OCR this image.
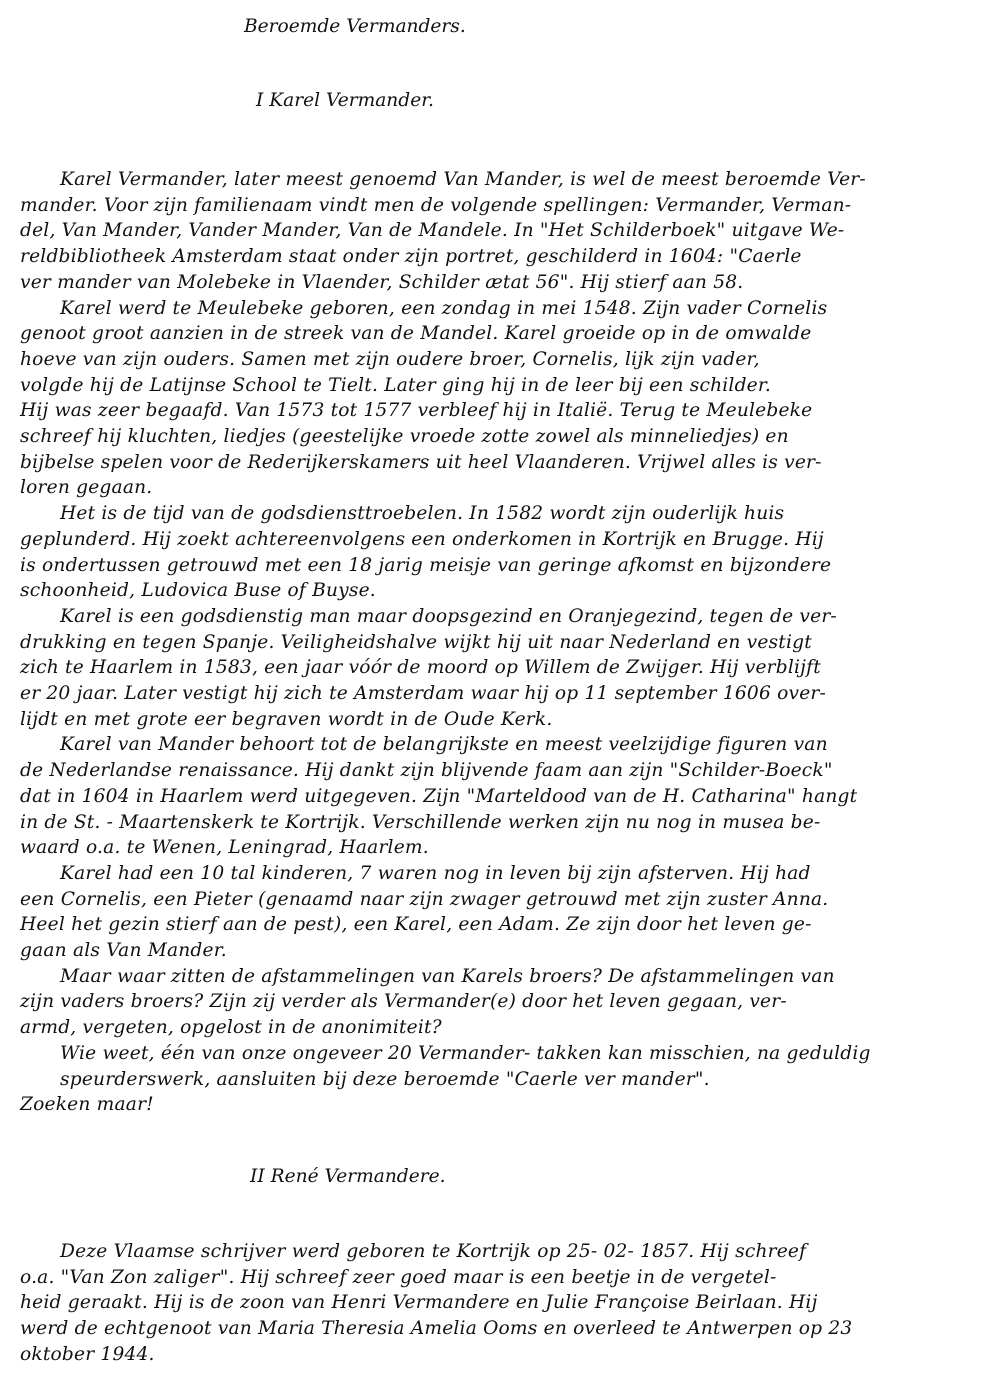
Beroemde Vermanders.
I Karel Vermander.
Karel Vermander, later meest genoemd Van Mander, is wel de meest beroemde Ver-
mander. Voor zijn familienaam vindt men de volgende spellingen: Vermander, Verman-
del, Van Mander, Vander Mander, Van de Mandele. In "Het Schilderboek" uitgave We-
reldbibliotheek Amsterdam staat onder zijn portret, geschilderd in 1604: "Caerle
ver mander van Molebeke in Vlaender, Schilder ætat 56". Hij stierf aan 58.
Karel werd te Meulebeke geboren, een zondag in mei 1548. Zijn vader Cornelis
genoot groot aanzien in de streek van de Mandel. Karel groeide op in de omwalde
hoeve van zijn ouders. Samen met zijn oudere broer, Cornelis, lijk zijn vader,
volgde hij de Latijnse School te Tielt. Later ging hij in de leer bij een schilder.
Hij was zeer begaafd. Van 1573 tot 1577 verbleef hij in Italië. Terug te Meulebeke
schreef hij kluchten, liedjes (geestelijke vroede zotte zowel als minneliedjes) en
bijbelse spelen voor de Rederijkerskamers uit heel Vlaanderen. Vrijwel alles is ver-
loren gegaan.
Het is de tijd van de godsdiensttroebelen. In 1582 wordt zijn ouderlijk huis
geplunderd. Hij zoekt achtereenvolgens een onderkomen in Kortrijk en Brugge. Hij
is ondertussen getrouwd met een 18 jarig meisje van geringe afkomst en bijzondere
schoonheid, Ludovica Buse of Buyse.
Karel is een godsdienstig man maar doopsgezind en Oranjegezind, tegen de ver-
drukking en tegen Spanje. Veiligheidshalve wijkt hij uit naar Nederland en vestigt
zich te Haarlem in 1583, een jaar vóór de moord op Willem de Zwijger. Hij verblijft
er 20 jaar. Later vestigt hij zich te Amsterdam waar hij op 11 september 1606 over-
lijdt en met grote eer begraven wordt in de Oude Kerk.
Karel van Mander behoort tot de belangrijkste en meest veelzijdige figuren van
de Nederlandse renaissance. Hij dankt zijn blijvende faam aan zijn "Schilder-Boeck"
dat in 1604 in Haarlem werd uitgegeven. Zijn "Marteldood van de H. Catharina" hangt
in de St. - Maartenskerk te Kortrijk. Verschillende werken zijn nu nog in musea be-
waard o.a. te Wenen, Leningrad, Haarlem.
Karel had een 10 tal kinderen, 7 waren nog in leven bij zijn afsterven. Hij had
een Cornelis, een Pieter (genaamd naar zijn zwager getrouwd met zijn zuster Anna.
Heel het gezin stierf aan de pest), een Karel, een Adam. Ze zijn door het leven ge-
gaan als Van Mander.
Maar waar zitten de afstammelingen van Karels broers? De afstammelingen van
zijn vaders broers? Zijn zij verder als Vermander(e) door het leven gegaan, ver-
armd, vergeten, opgelost in de anonimiteit?
Wie weet, één van onze ongeveer 20 Vermander- takken kan misschien, na geduldig
speurderswerk, aansluiten bij deze beroemde "Caerle ver mander".
Zoeken maar!
II René Vermandere.
Deze Vlaamse schrijver werd geboren te Kortrijk op 25- 02- 1857. Hij schreef
o.a. "Van Zon zaliger". Hij schreef zeer goed maar is een beetje in de vergetel-
heid geraakt. Hij is de zoon van Henri Vermandere en Julie Françoise Beirlaan. Hij
werd de echtgenoot van Maria Theresia Amelia Ooms en overleed te Antwerpen op 23
oktober 1944.
